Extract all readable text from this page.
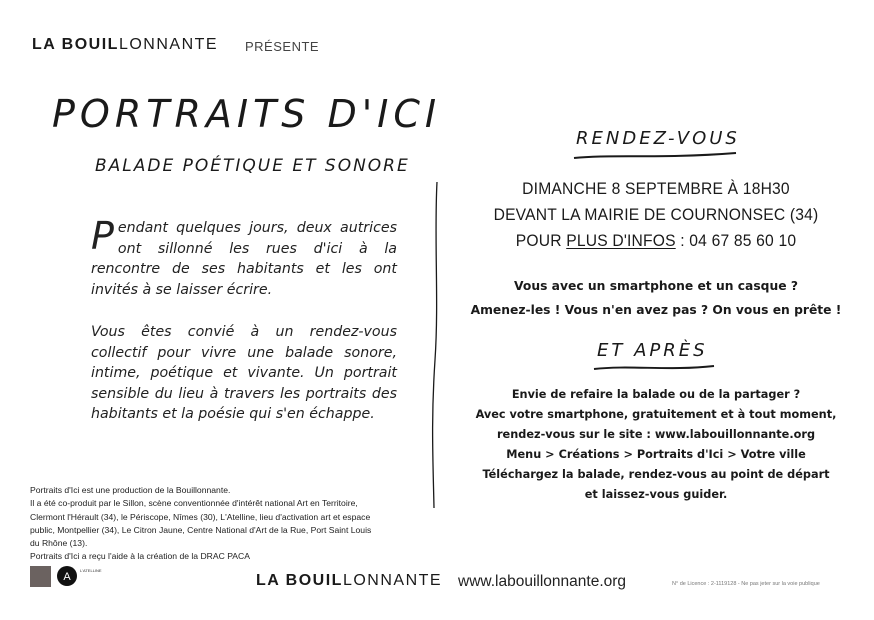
LA BOUILLONNANTE PRÉSENTE
PORTRAITS D'ICI
BALADE POÉTIQUE ET SONORE
Pendant quelques jours, deux autrices ont sillonné les rues d'ici à la rencontre de ses habitants et les ont invités à se laisser écrire.
Vous êtes convié à un rendez-vous collectif pour vivre une balade sonore, intime, poétique et vivante. Un portrait sensible du lieu à travers les portraits des habitants et la poésie qui s'en échappe.
RENDEZ-VOUS
DIMANCHE 8 SEPTEMBRE À 18H30
DEVANT LA MAIRIE DE COURNONSEC (34)
POUR PLUS D'INFOS : 04 67 85 60 10
Vous avec un smartphone et un casque ?
Amenez-les ! Vous n'en avez pas ? On vous en prête !
ET APRÈS
Envie de refaire la balade ou de la partager ?
Avec votre smartphone, gratuitement et à tout moment,
rendez-vous sur le site : www.labouillonnante.org
Menu > Créations > Portraits d'Ici > Votre ville
Téléchargez la balade, rendez-vous au point de départ
et laissez-vous guider.
Portraits d'Ici est une production de la Bouillonnante.
Il a été co-produit par le Sillon, scène conventionnée d'intérêt national Art en Territoire, Clermont l'Hérault (34), le Périscope, Nîmes (30), L'Atelline, lieu d'activation art et espace public, Montpellier (34), Le Citron Jaune, Centre National d'Art de la Rue, Port Saint Louis du Rhône (13).
Portraits d'Ici a reçu l'aide à la création de la DRAC PACA
A
L'ATELLINE
LA BOUILLONNANTE www.labouillonnante.org	N° de Licence : 2-1119128 - Ne pas jeter sur la voie publique
